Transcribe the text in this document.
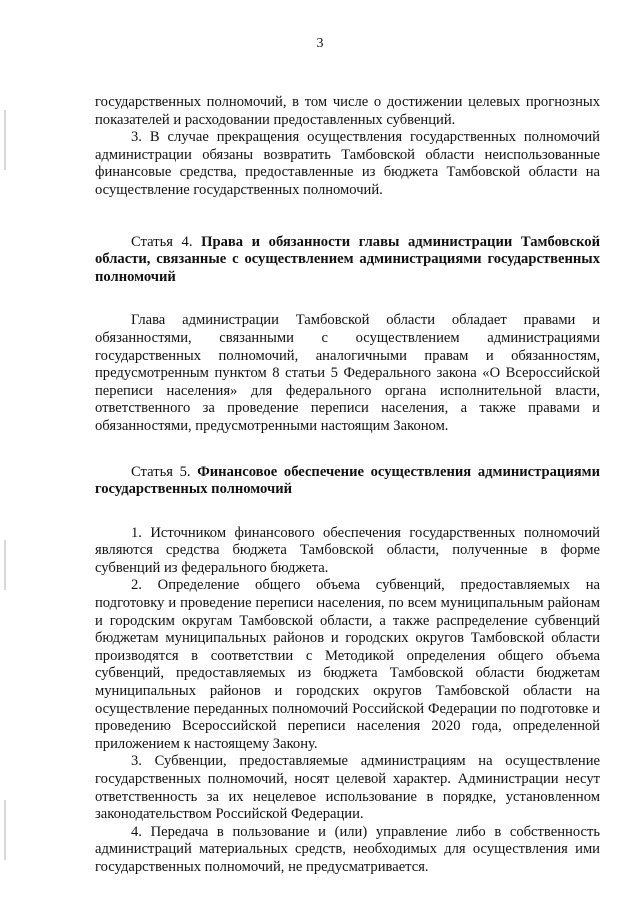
3

государственных полномочий, в том числе о достижении целевых прогнозных показателей и расходовании предоставленных субвенций.

3. В случае прекращения осуществления государственных полномочий администрации обязаны возвратить Тамбовской области неиспользованные финансовые средства, предоставленные из бюджета Тамбовской области на осуществление государственных полномочий.

Статья 4. Права и обязанности главы администрации Тамбовской области, связанные с осуществлением администрациями государственных полномочий

Глава администрации Тамбовской области обладает правами и обязанностями, связанными с осуществлением администрациями государственных полномочий, аналогичными правам и обязанностям, предусмотренным пунктом 8 статьи 5 Федерального закона «О Всероссийской переписи населения» для федерального органа исполнительной власти, ответственного за проведение переписи населения, а также правами и обязанностями, предусмотренными настоящим Законом.

Статья 5. Финансовое обеспечение осуществления администрациями государственных полномочий

1. Источником финансового обеспечения государственных полномочий являются средства бюджета Тамбовской области, полученные в форме субвенций из федерального бюджета.

2. Определение общего объема субвенций, предоставляемых на подготовку и проведение переписи населения, по всем муниципальным районам и городским округам Тамбовской области, а также распределение субвенций бюджетам муниципальных районов и городских округов Тамбовской области производятся в соответствии с Методикой определения общего объема субвенций, предоставляемых из бюджета Тамбовской области бюджетам муниципальных районов и городских округов Тамбовской области на осуществление переданных полномочий Российской Федерации по подготовке и проведению Всероссийской переписи населения 2020 года, определенной приложением к настоящему Закону.

3. Субвенции, предоставляемые администрациям на осуществление государственных полномочий, носят целевой характер. Администрации несут ответственность за их нецелевое использование в порядке, установленном законодательством Российской Федерации.

4. Передача в пользование и (или) управление либо в собственность администраций материальных средств, необходимых для осуществления ими государственных полномочий, не предусматривается.
